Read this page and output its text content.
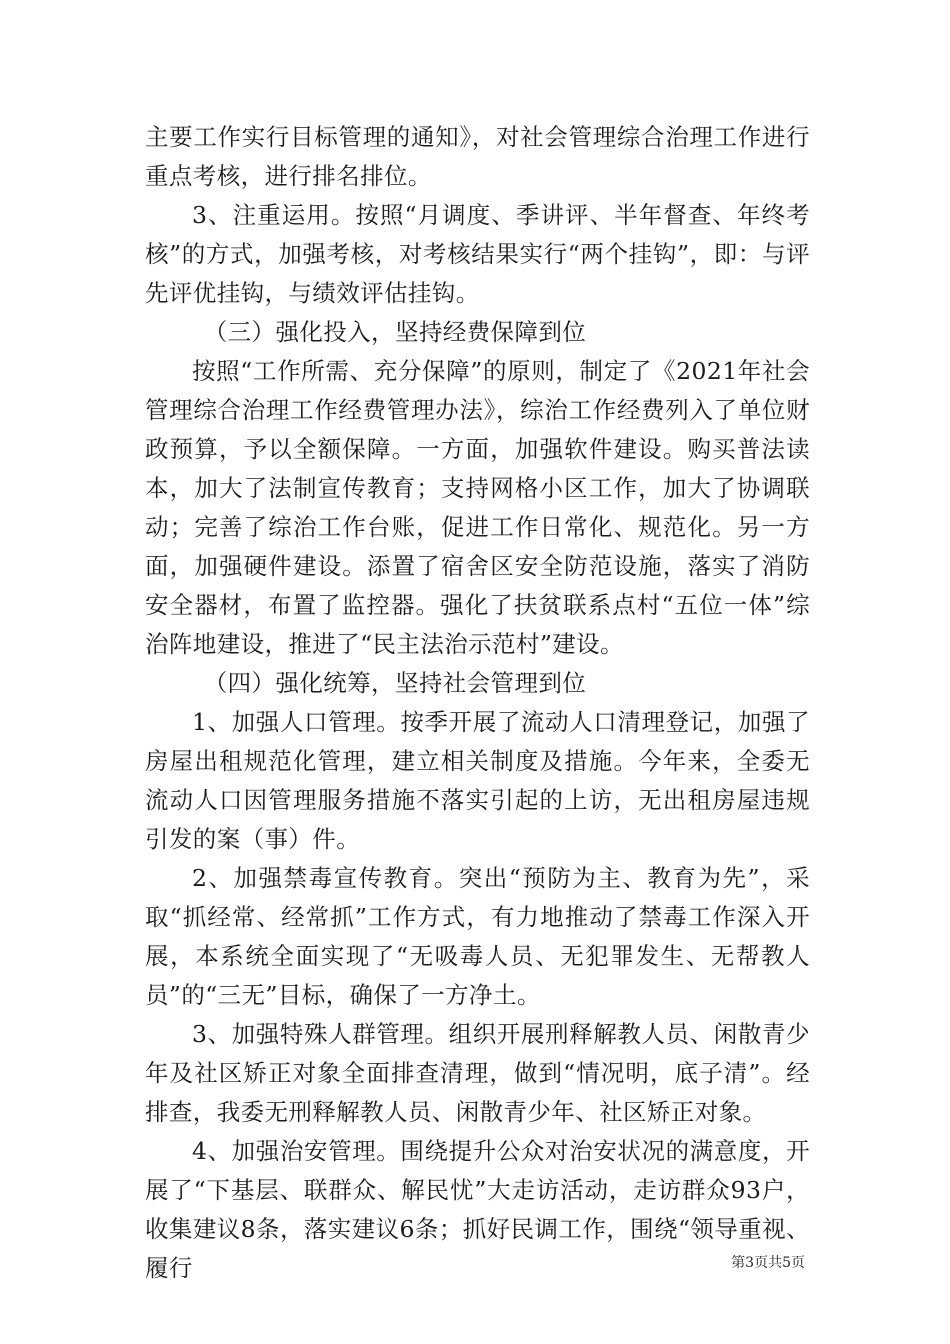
主要工作实行目标管理的通知》，对社会管理综合治理工作进行重点考核，进行排名排位。

3、注重运用。按照“月调度、季讲评、半年督查、年终考核”的方式，加强考核，对考核结果实行“两个挂钩”，即：与评先评优挂钩，与绩效评估挂钩。

（三）强化投入，坚持经费保障到位

按照“工作所需、充分保障”的原则，制定了《2021年社会管理综合治理工作经费管理办法》，综治工作经费列入了单位财政预算，予以全额保障。一方面，加强软件建设。购买普法读本，加大了法制宣传教育；支持网格小区工作，加大了协调联动；完善了综治工作台账，促进工作日常化、规范化。另一方面，加强硬件建设。添置了宿舍区安全防范设施，落实了消防安全器材，布置了监控器。强化了扶贫联系点村“五位一体”综治阵地建设，推进了“民主法治示范村”建设。

（四）强化统筹，坚持社会管理到位

1、加强人口管理。按季开展了流动人口清理登记，加强了房屋出租规范化管理，建立相关制度及措施。今年来，全委无流动人口因管理服务措施不落实引起的上访，无出租房屋违规引发的案（事）件。

2、加强禁毒宣传教育。突出“预防为主、教育为先”，采取“抓经常、经常抓”工作方式，有力地推动了禁毒工作深入开展，本系统全面实现了“无吸毒人员、无犯罪发生、无帮教人员”的“三无”目标，确保了一方净土。

3、加强特殊人群管理。组织开展刑释解教人员、闲散青少年及社区矫正对象全面排查清理，做到“情况明，底子清”。经排查，我委无刑释解教人员、闲散青少年、社区矫正对象。

4、加强治安管理。围绕提升公众对治安状况的满意度，开展了“下基层、联群众、解民忧”大走访活动，走访群众93户，收集建议8条，落实建议6条；抓好民调工作，围绕“领导重视、履行	第3页共5页
